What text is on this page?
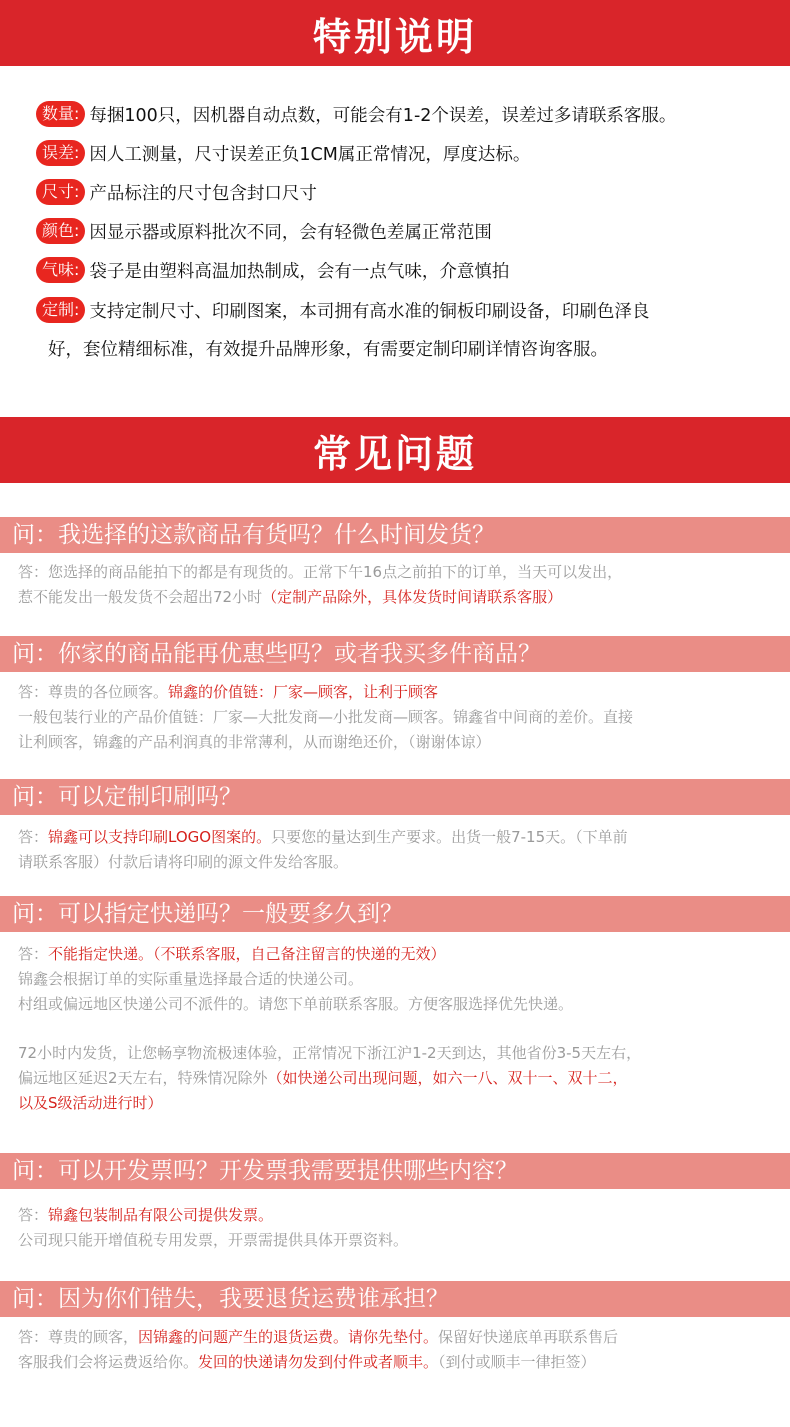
特别说明
数量: 每捆100只，因机器自动点数，可能会有1-2个误差，误差过多请联系客服。
误差: 因人工测量，尺寸误差正负1CM属正常情况，厚度达标。
尺寸: 产品标注的尺寸包含封口尺寸
颜色: 因显示器或原料批次不同，会有轻微色差属正常范围
气味: 袋子是由塑料高温加热制成，会有一点气味，介意慎拍
定制: 支持定制尺寸、印刷图案，本司拥有高水准的铜板印刷设备，印刷色泽良
好，套位精细标准，有效提升品牌形象，有需要定制印刷详情咨询客服。
常见问题
问：我选择的这款商品有货吗？什么时间发货？
答：您选择的商品能拍下的都是有现货的。正常下午16点之前拍下的订单，当天可以发出，
惹不能发出一般发货不会超出72小时（定制产品除外，具体发货时间请联系客服）
问：你家的商品能再优惠些吗？或者我买多件商品？
答：尊贵的各位顾客。锦鑫的价值链：厂家—顾客，让利于顾客
一般包装行业的产品价值链：厂家—大批发商—小批发商—顾客。锦鑫省中间商的差价。直接
让利顾客，锦鑫的产品利润真的非常薄利，从而谢绝还价，（谢谢体谅）
问：可以定制印刷吗？
答：锦鑫可以支持印刷LOGO图案的。只要您的量达到生产要求。出货一般7-15天。（下单前
请联系客服）付款后请将印刷的源文件发给客服。
问：可以指定快递吗？一般要多久到？
答：不能指定快递。（不联系客服，自己备注留言的快递的无效）
锦鑫会根据订单的实际重量选择最合适的快递公司。
村组或偏远地区快递公司不派件的。请您下单前联系客服。方便客服选择优先快递。
72小时内发货，让您畅享物流极速体验，正常情况下浙江沪1-2天到达，其他省份3-5天左右，
偏远地区延迟2天左右，特殊情况除外（如快递公司出现问题，如六一八、双十一、双十二，
以及S级活动进行时）
问：可以开发票吗？开发票我需要提供哪些内容？
答：锦鑫包装制品有限公司提供发票。
公司现只能开增值税专用发票，开票需提供具体开票资料。
问：因为你们错失，我要退货运费谁承担？
答：尊贵的顾客，因锦鑫的问题产生的退货运费。请你先垫付。保留好快递底单再联系售后
客服我们会将运费返给你。发回的快递请勿发到付件或者顺丰。（到付或顺丰一律拒签）
